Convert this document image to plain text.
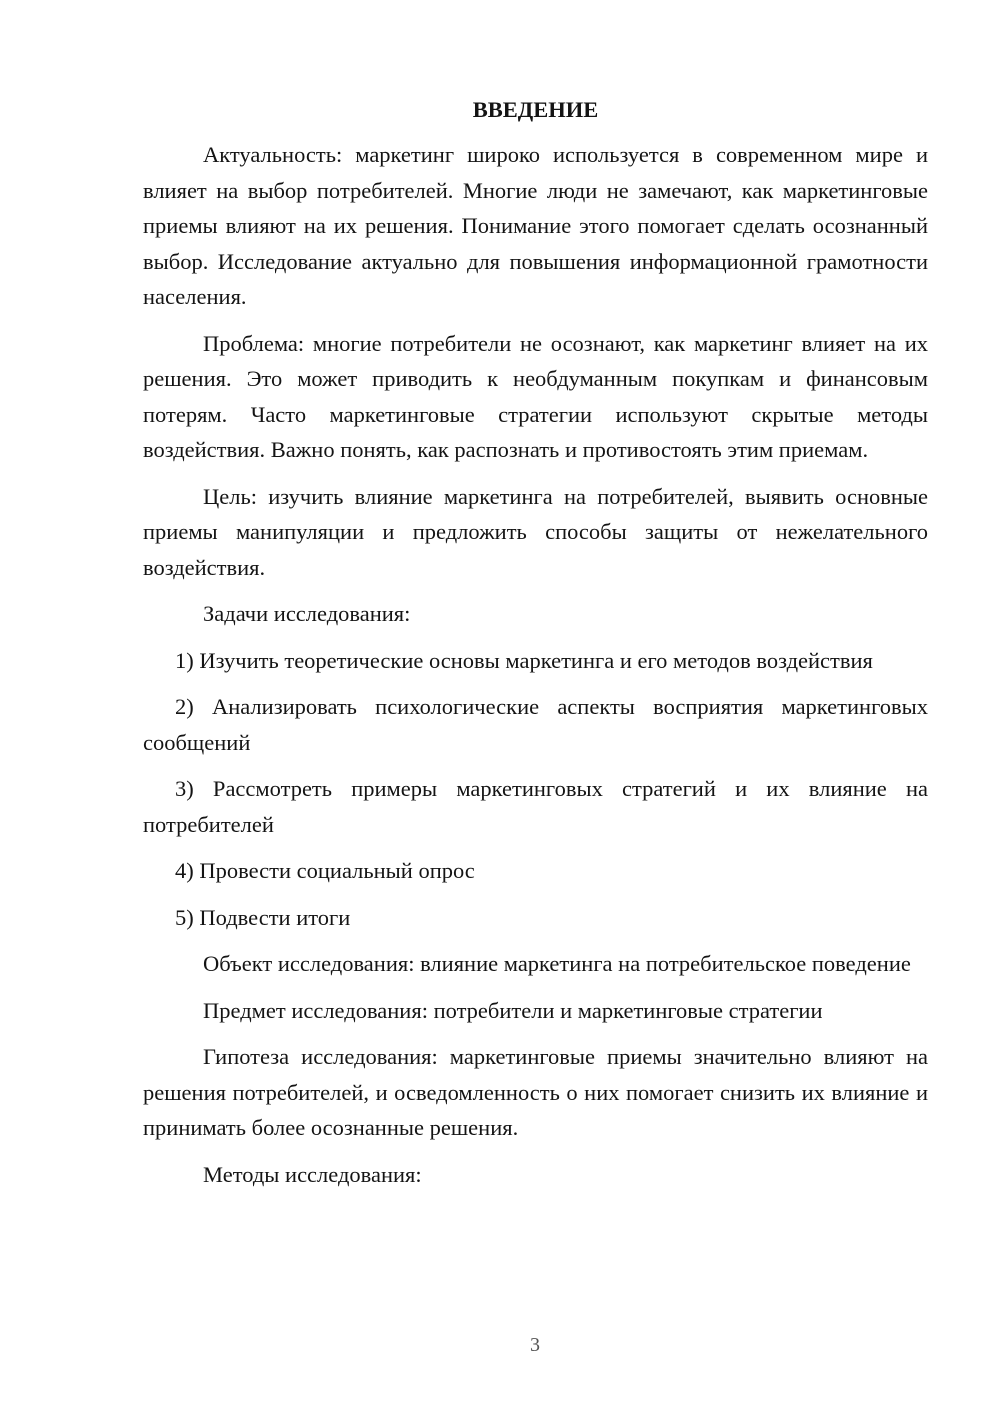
ВВЕДЕНИЕ

Актуальность: маркетинг широко используется в современном мире и влияет на выбор потребителей. Многие люди не замечают, как маркетинговые приемы влияют на их решения. Понимание этого помогает сделать осознанный выбор. Исследование актуально для повышения информационной грамотности населения.

Проблема: многие потребители не осознают, как маркетинг влияет на их решения. Это может приводить к необдуманным покупкам и финансовым потерям. Часто маркетинговые стратегии используют скрытые методы воздействия. Важно понять, как распознать и противостоять этим приемам.

Цель: изучить влияние маркетинга на потребителей, выявить основные приемы манипуляции и предложить способы защиты от нежелательного воздействия.

Задачи исследования:

1) Изучить теоретические основы маркетинга и его методов воздействия

2) Анализировать психологические аспекты восприятия маркетинговых сообщений

3) Рассмотреть примеры маркетинговых стратегий и их влияние на потребителей

4) Провести социальный опрос

5) Подвести итоги

Объект исследования: влияние маркетинга на потребительское поведение

Предмет исследования: потребители и маркетинговые стратегии

Гипотеза исследования: маркетинговые приемы значительно влияют на решения потребителей, и осведомленность о них помогает снизить их влияние и принимать более осознанные решения.

Методы исследования:

3
